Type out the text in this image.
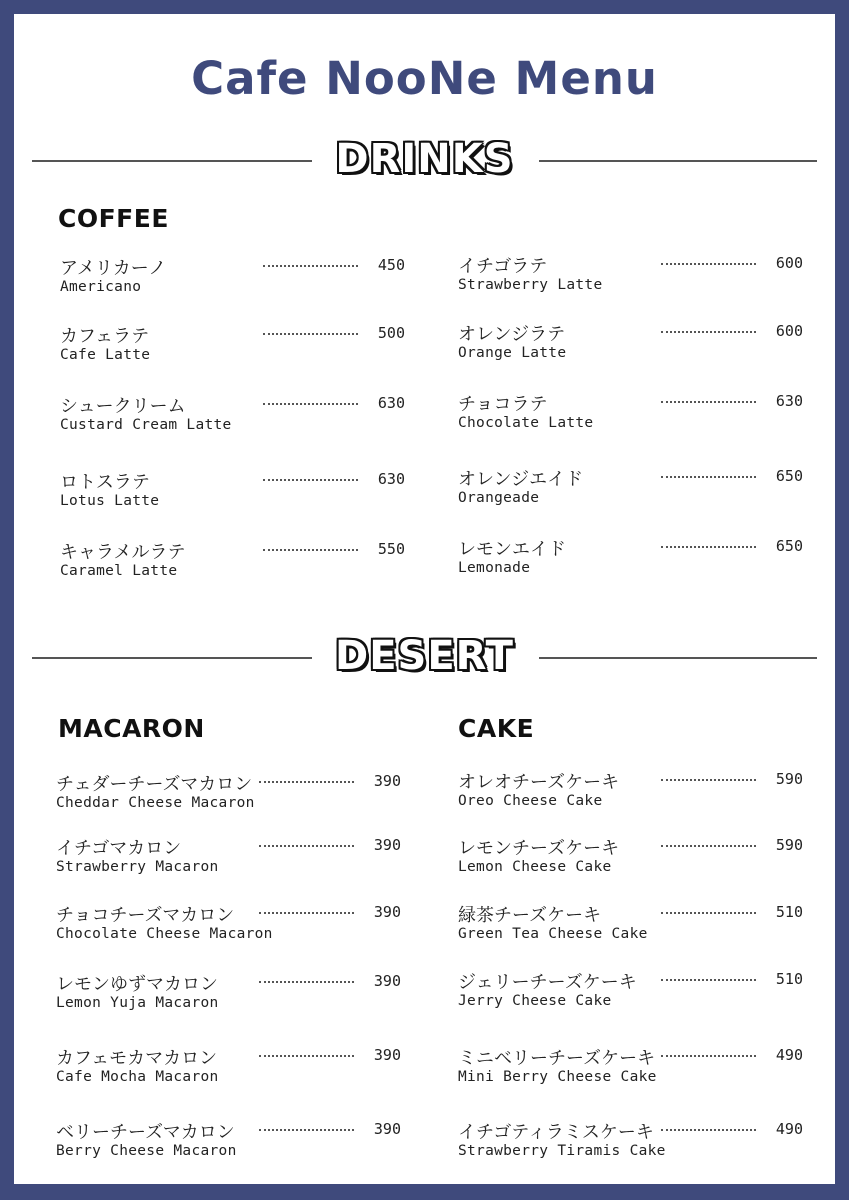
Cafe NooNe Menu
DRINKS
COFFEE
アメリカーノ	450
Americano
カフェラテ	500
Cafe Latte
シュークリーム	630
Custard Cream Latte
ロトスラテ	630
Lotus Latte
キャラメルラテ	550
Caramel Latte
イチゴラテ	600
Strawberry Latte
オレンジラテ	600
Orange Latte
チョコラテ	630
Chocolate Latte
オレンジエイド	650
Orangeade
レモンエイド	650
Lemonade
DESERT
MACARON	CAKE
チェダーチーズマカロン	390
Cheddar Cheese Macaron
イチゴマカロン	390
Strawberry Macaron
チョコチーズマカロン	390
Chocolate Cheese Macaron
レモンゆずマカロン	390
Lemon Yuja Macaron
カフェモカマカロン	390
Cafe Mocha Macaron
ベリーチーズマカロン	390
Berry Cheese Macaron
オレオチーズケーキ	590
Oreo Cheese Cake
レモンチーズケーキ	590
Lemon Cheese Cake
緑茶チーズケーキ	510
Green Tea Cheese Cake
ジェリーチーズケーキ	510
Jerry Cheese Cake
ミニベリーチーズケーキ	490
Mini Berry Cheese Cake
イチゴティラミスケーキ	490
Strawberry Tiramis Cake
